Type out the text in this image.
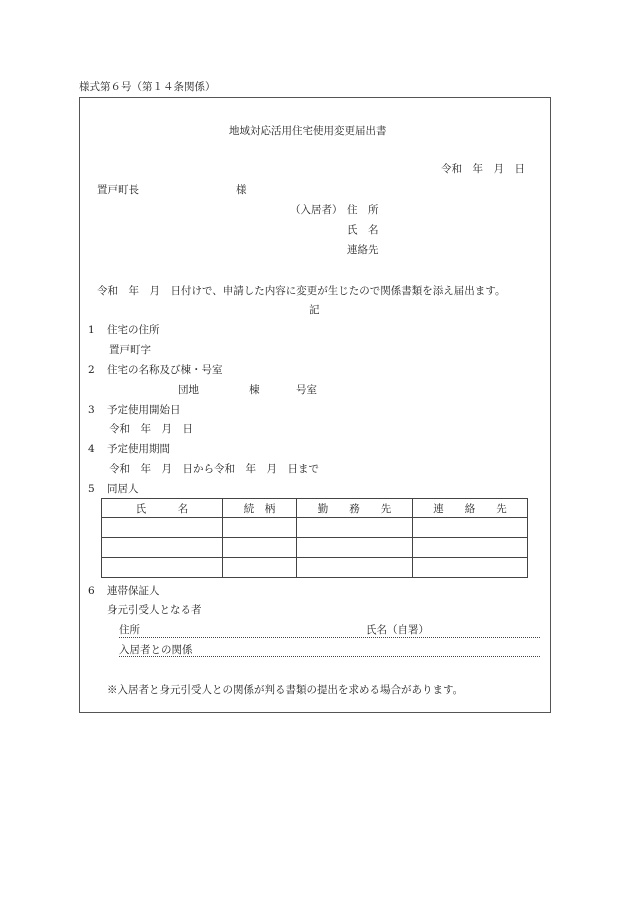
様式第６号（第１４条関係）
地域対応活用住宅使用変更届出書
令和　年　月　日
置戸町長	様
（入居者） 住　所
氏　名
連絡先
令和　年　月　日付けで、申請した内容に変更が生じたので関係書類を添え届出ます。
記
1 住宅の住所
置戸町字
2 住宅の名称及び棟・号室
団地	棟	号室
3 予定使用開始日
令和　年　月　日
4 予定使用期間
令和　年　月　日から令和　年　月　日まで
5 同居人
氏　　　名	続　柄	勤　　務　　先	連　　絡　　先

6 連帯保証人
身元引受人となる者
住所	氏名（自署）
入居者との関係
※入居者と身元引受人との関係が判る書類の提出を求める場合があります。
